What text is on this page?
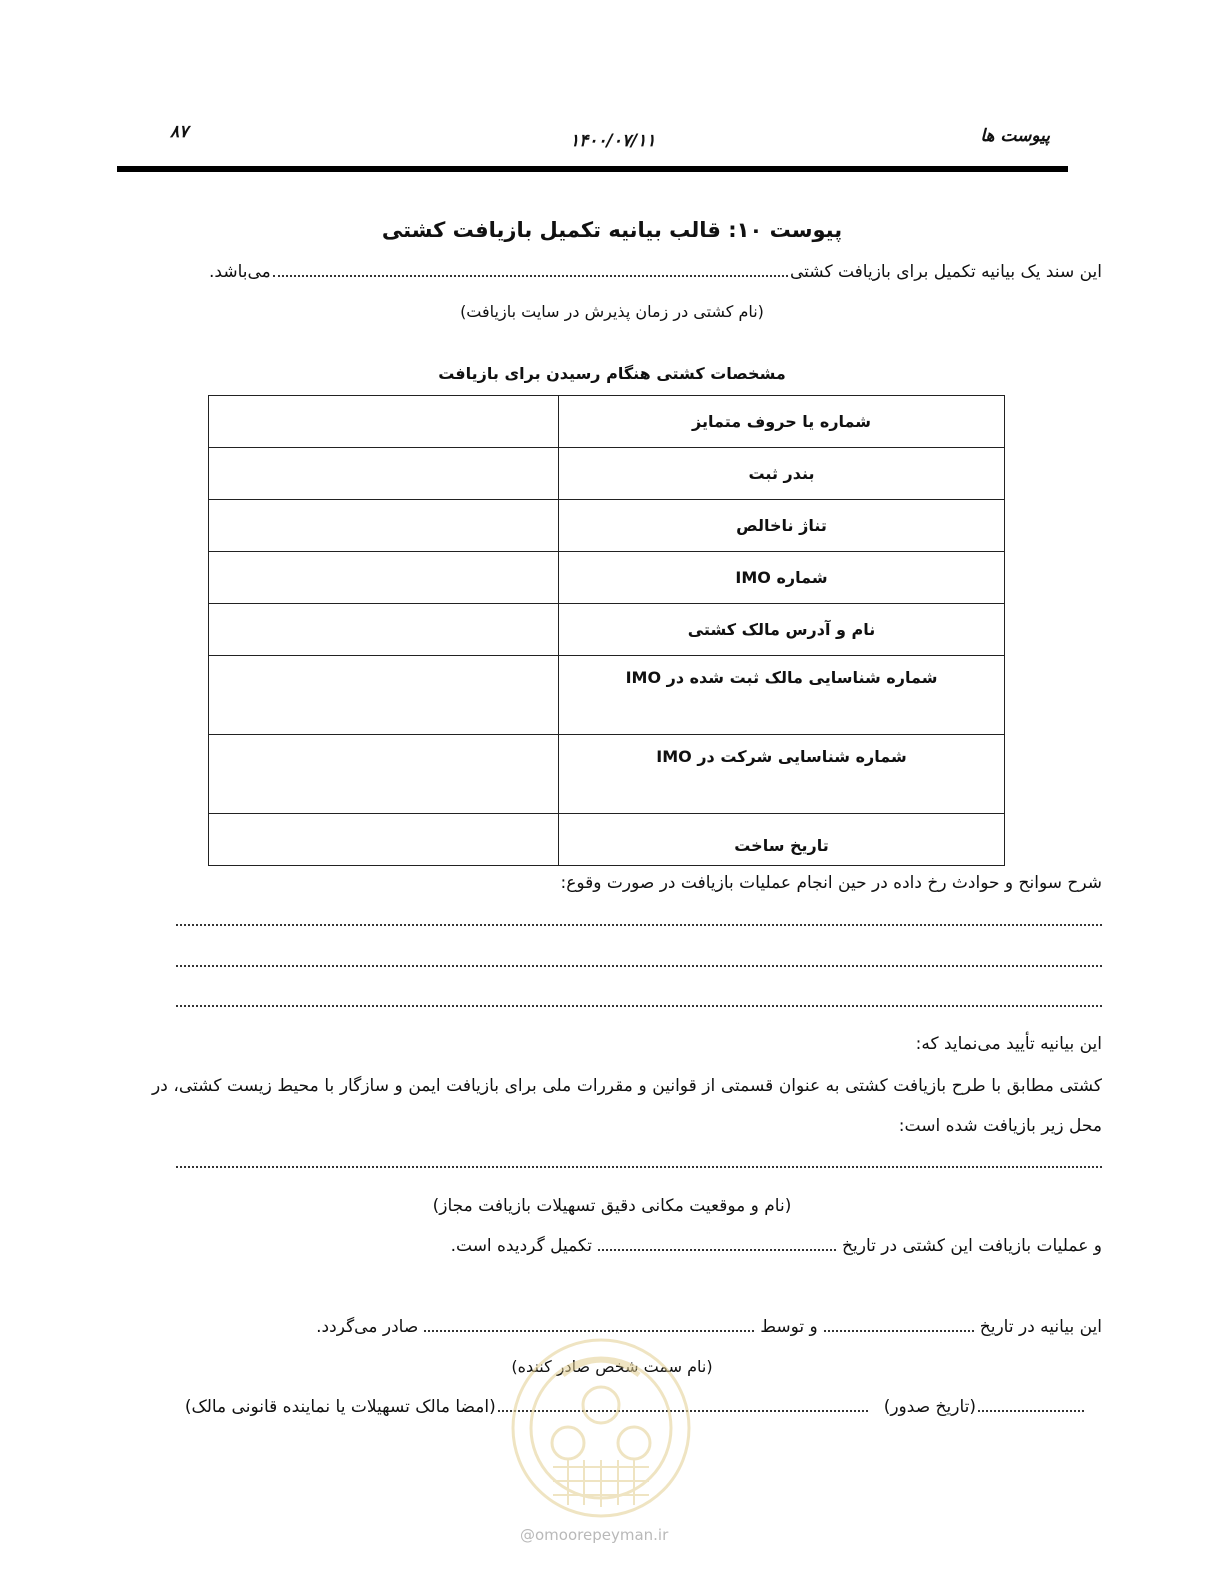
۸۷	۱۴۰۰/۰۷/۱۱	پیوست ها
پیوست ۱۰: قالب بیانیه تکمیل بازیافت کشتی
این سند یک بیانیه تکمیل برای بازیافت کشتی
می‌باشد.
(نام کشتی در زمان پذیرش در سایت بازیافت)
مشخصات کشتی هنگام رسیدن برای بازیافت
شماره یا حروف متمایز	
بندر ثبت	
تناژ ناخالص	
شماره IMO	
نام و آدرس مالک کشتی	
شماره شناسایی مالک ثبت شده در IMO	
شماره شناسایی شرکت در IMO	
تاریخ ساخت	
شرح سوانح و حوادث رخ داده در حین انجام عملیات بازیافت در صورت وقوع:
این بیانیه تأیید می‌نماید که:
کشتی مطابق با طرح بازیافت کشتی به عنوان قسمتی از قوانین و مقررات ملی برای بازیافت ایمن و سازگار با محیط زیست کشتی، در محل زیر بازیافت شده است:
(نام و موقعیت مکانی دقیق تسهیلات بازیافت مجاز)
و عملیات بازیافت این کشتی در تاریخ
تکمیل گردیده است.
این بیانیه در تاریخ
و توسط
صادر می‌گردد.
(نام سمت شخص صادر کننده)
(تاریخ صدور)
(امضا مالک تسهیلات یا نماینده قانونی مالک)
@omoorepeyman.ir
